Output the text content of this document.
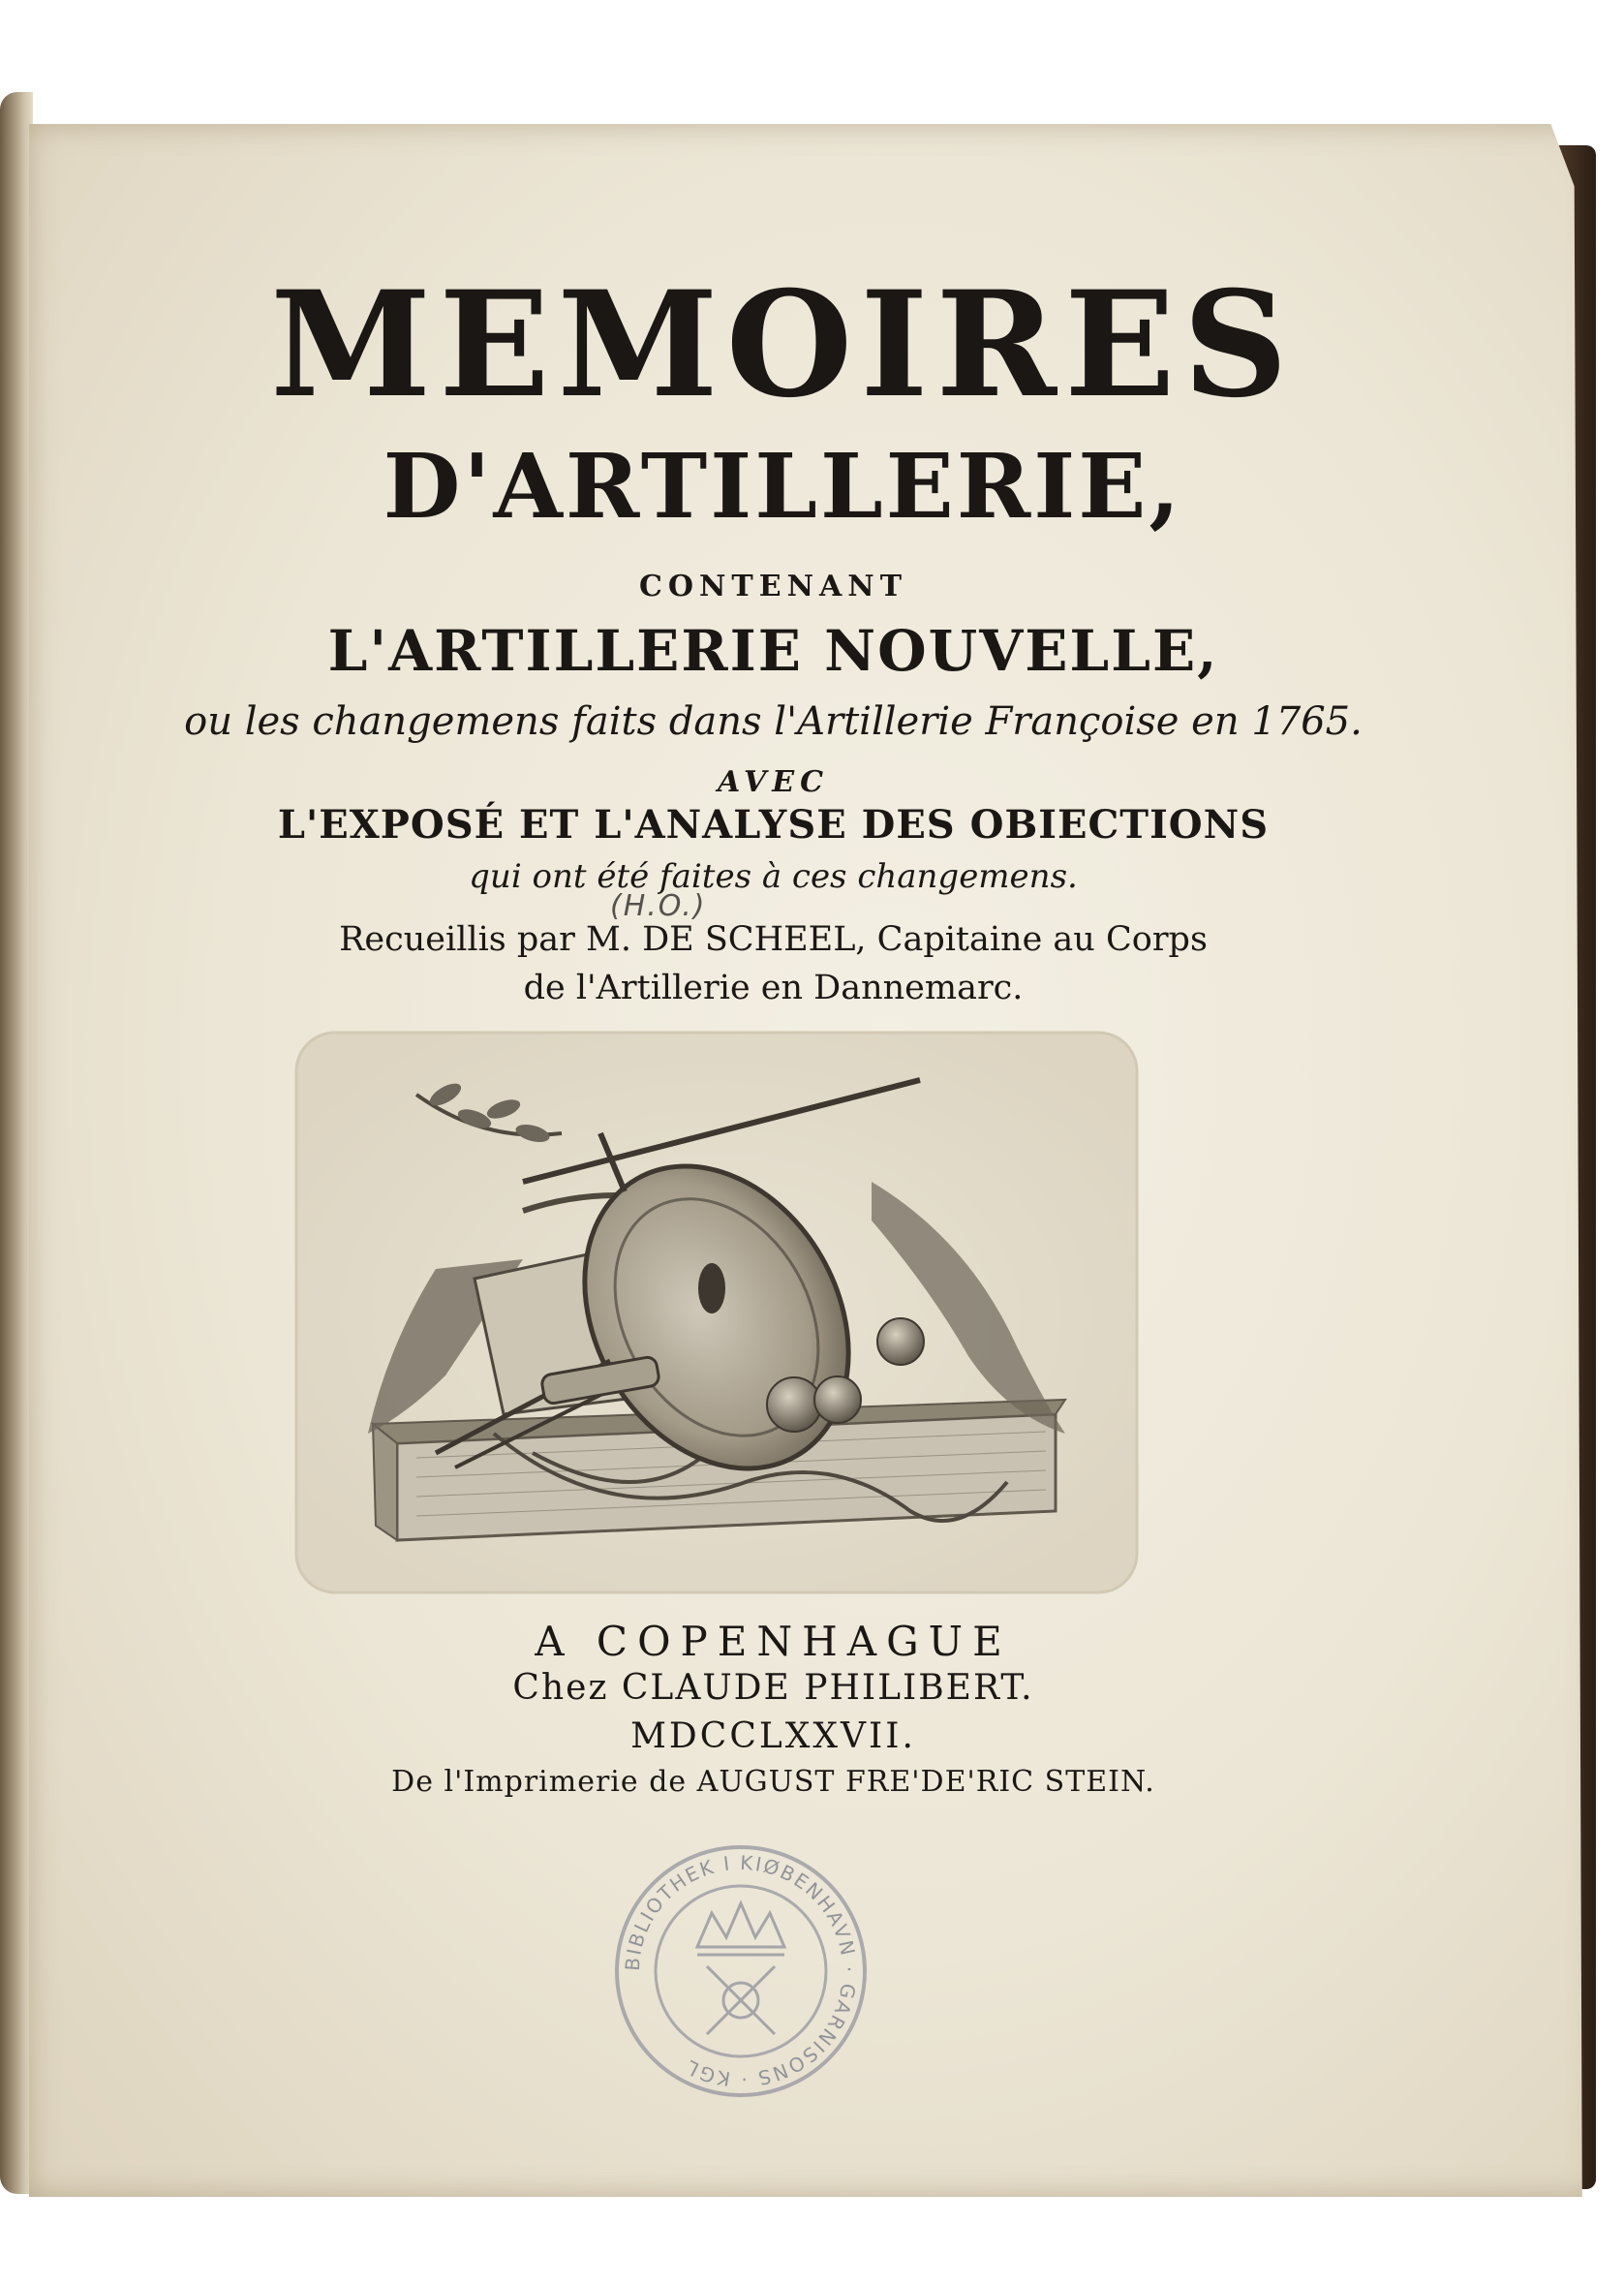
MEMOIRES
D'ARTILLERIE,
CONTENANT
L'ARTILLERIE NOUVELLE,
ou les changemens faits dans l'Artillerie Françoise en 1765.
AVEC
L'EXPOSÉ ET L'ANALYSE DES OBIECTIONS
qui ont été faites à ces changemens.
(H.O.)
Recueillis par M. DE SCHEEL, Capitaine au Corps
de l'Artillerie en Dannemarc.
A COPENHAGUE
Chez CLAUDE PHILIBERT.
MDCCLXXVII.
De l'Imprimerie de AUGUST FRE'DE'RIC STEIN.
BIBLIOTHEK I KIØBENHAVN · GARNISONS · KGL
